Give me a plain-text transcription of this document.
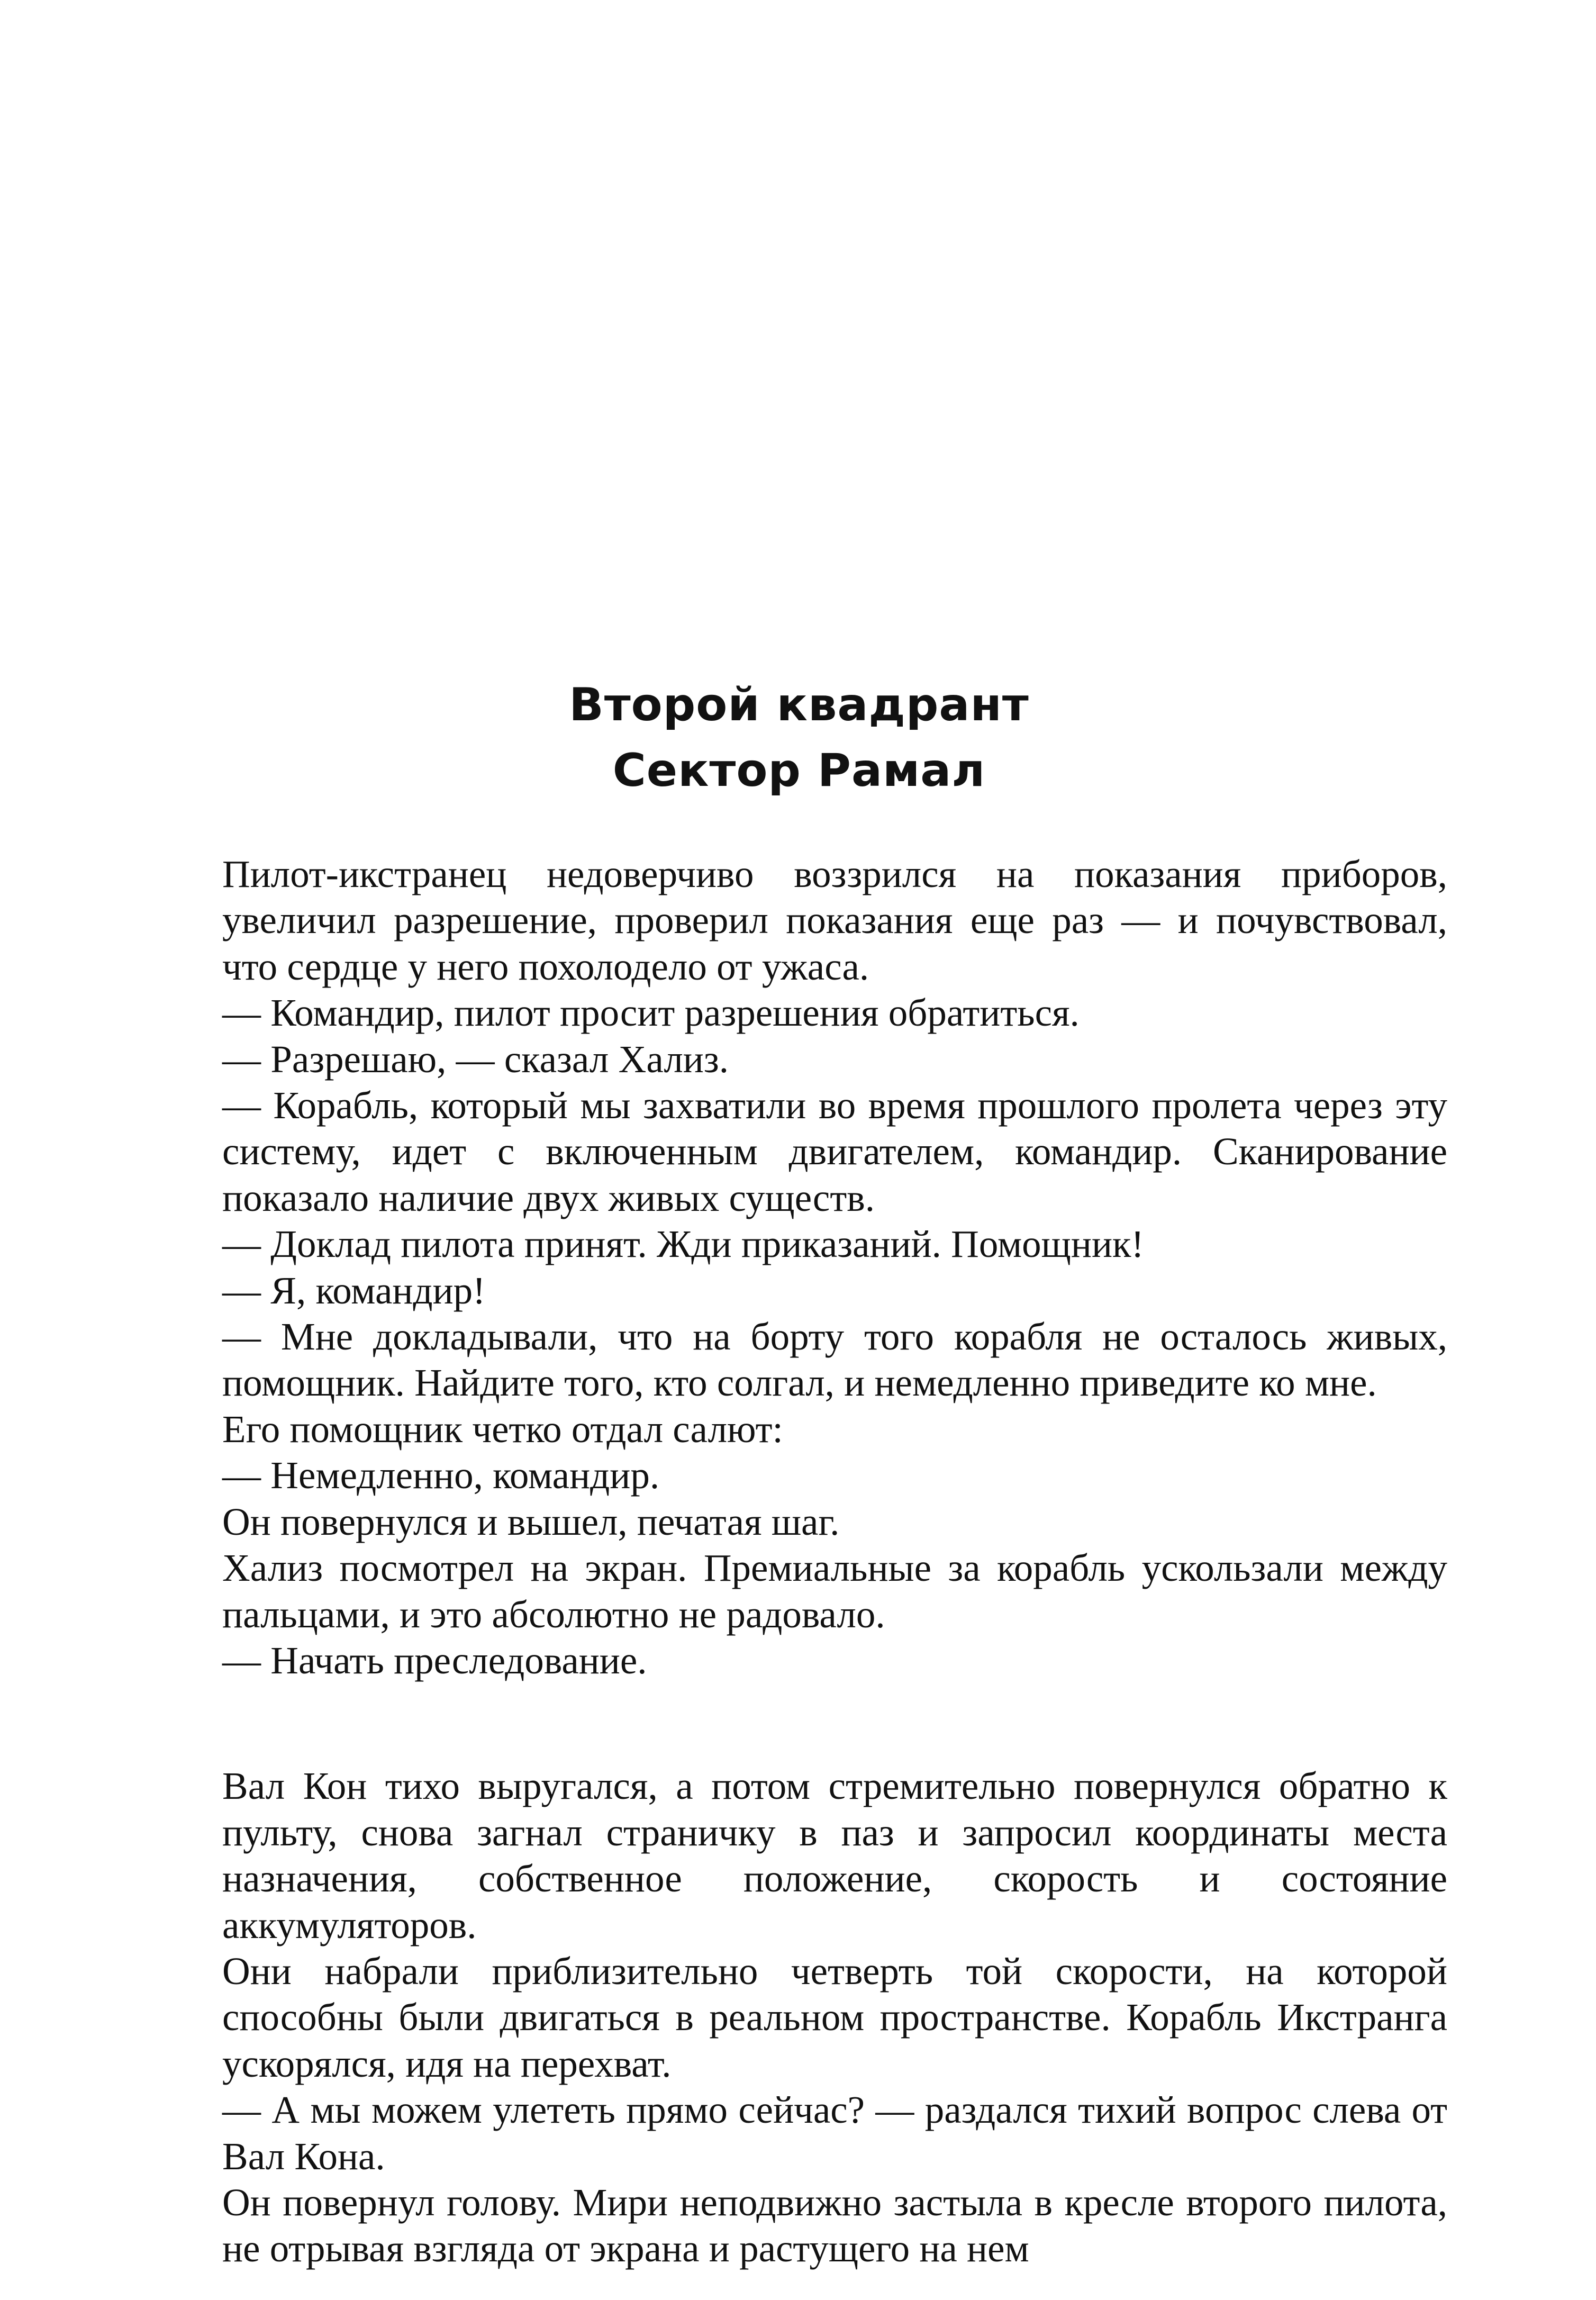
Второй квадрант
Сектор Рамал

Пилот-икстранец недоверчиво воззрился на показания приборов, увеличил разрешение, проверил показания еще раз — и почувствовал, что сердце у него похолодело от ужаса.

— Командир, пилот просит разрешения обратиться.

— Разрешаю, — сказал Хализ.

— Корабль, который мы захватили во время прошлого пролета через эту систему, идет с включенным двигателем, командир. Сканирование показало наличие двух живых существ.

— Доклад пилота принят. Жди приказаний. Помощник!

— Я, командир!

— Мне докладывали, что на борту того корабля не осталось живых, помощник. Найдите того, кто солгал, и немедленно приведите ко мне.

Его помощник четко отдал салют:

— Немедленно, командир.

Он повернулся и вышел, печатая шаг.

Хализ посмотрел на экран. Премиальные за корабль ускользали между пальцами, и это абсолютно не радовало.

— Начать преследование.

Вал Кон тихо выругался, а потом стремительно повернулся обратно к пульту, снова загнал страничку в паз и запросил координаты места назначения, собственное положение, скорость и состояние аккумуляторов.

Они набрали приблизительно четверть той скорости, на которой способны были двигаться в реальном пространстве. Корабль Икстранга ускорялся, идя на перехват.

— А мы можем улететь прямо сейчас? — раздался тихий вопрос слева от Вал Кона.

Он повернул голову. Мири неподвижно застыла в кресле второго пилота, не отрывая взгляда от экрана и растущего на нем
